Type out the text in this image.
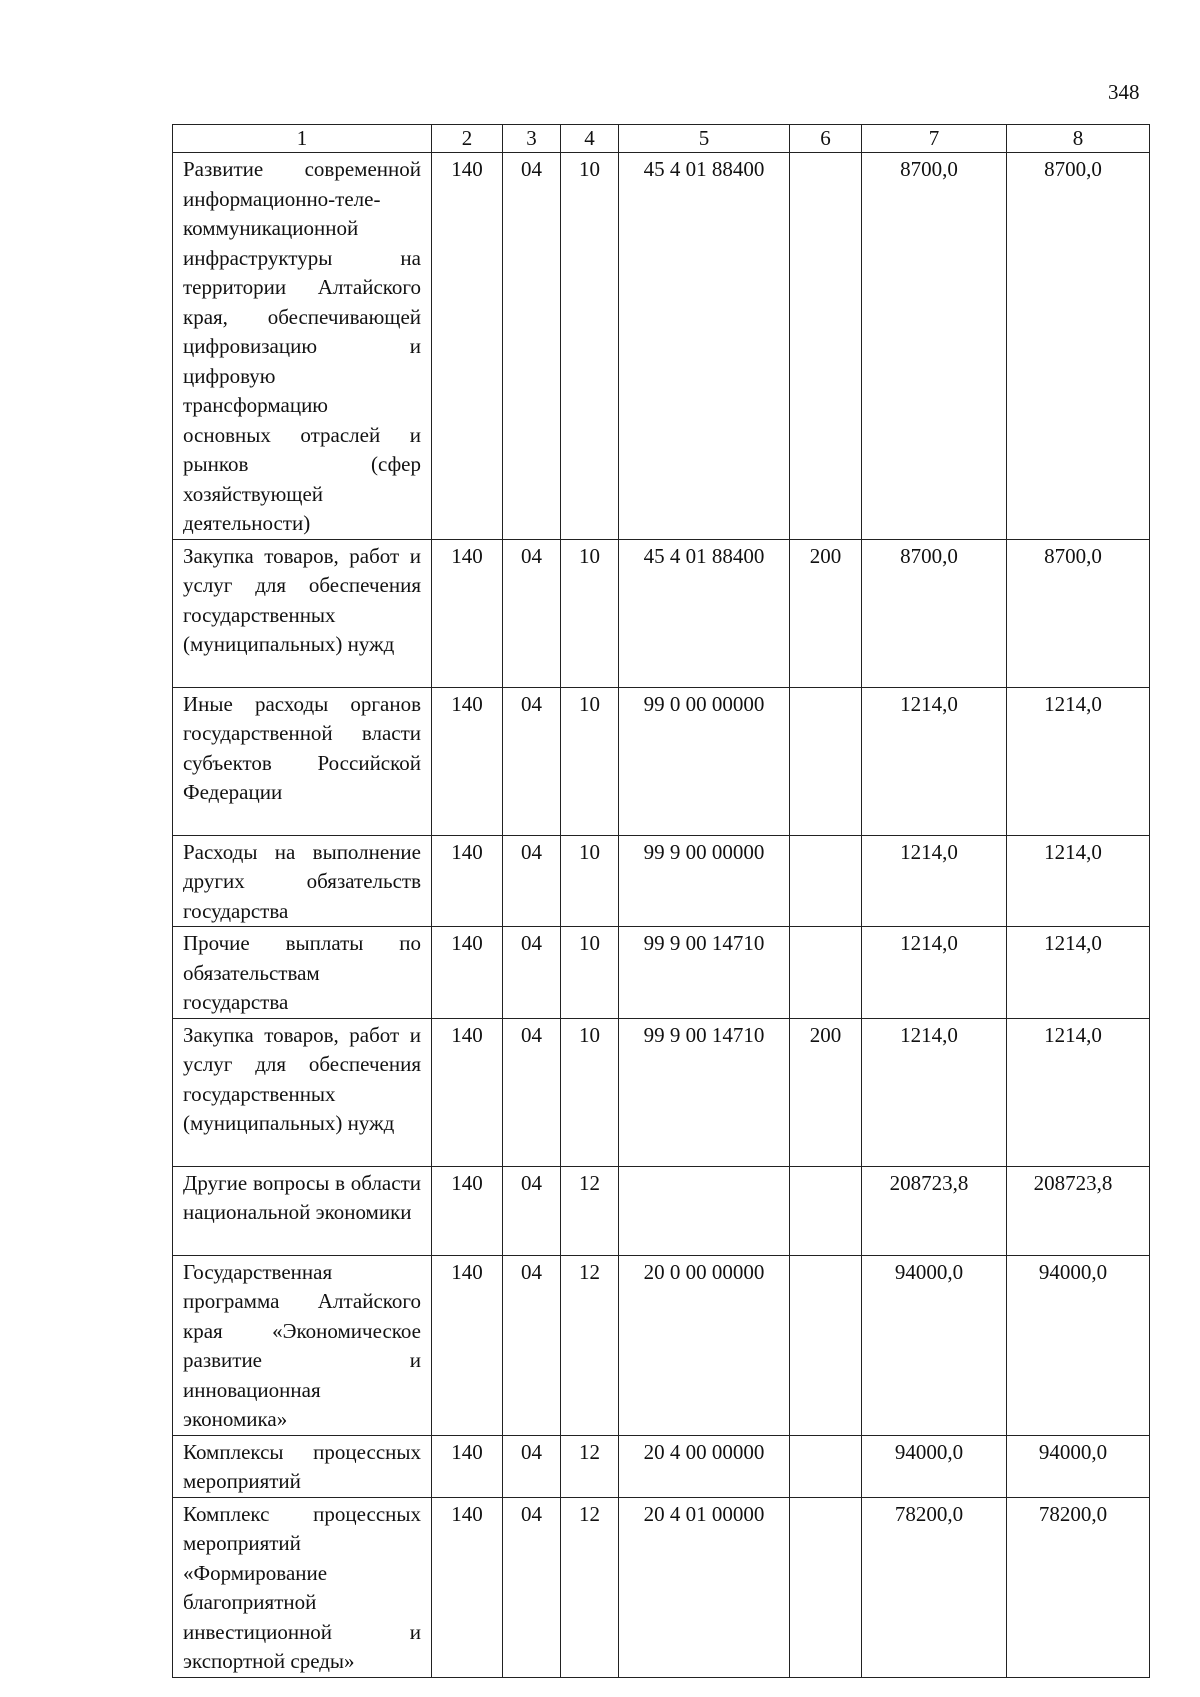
348
1	2	3	4	5	6	7	8
Развитие современной информационно-теле-коммуникационной инфраструктуры на территории Алтайского края, обеспечивающей цифровизацию и цифровую трансформацию основных отраслей и рынков (сфер хозяйствующей деятельности)	140	04	10	45 4 01 88400		8700,0	8700,0
Закупка товаров, работ и услуг для обеспечения государственных (муниципальных) нужд	140	04	10	45 4 01 88400	200	8700,0	8700,0
Иные расходы органов государственной власти субъектов Российской Федерации	140	04	10	99 0 00 00000		1214,0	1214,0
Расходы на выполнение других обязательств государства	140	04	10	99 9 00 00000		1214,0	1214,0
Прочие выплаты по обязательствам государства	140	04	10	99 9 00 14710		1214,0	1214,0
Закупка товаров, работ и услуг для обеспечения государственных (муниципальных) нужд	140	04	10	99 9 00 14710	200	1214,0	1214,0
Другие вопросы в области национальной экономики	140	04	12			208723,8	208723,8
Государственная программа Алтайского края «Экономическое развитие и инновационная экономика»	140	04	12	20 0 00 00000		94000,0	94000,0
Комплексы процессных мероприятий	140	04	12	20 4 00 00000		94000,0	94000,0
Комплекс процессных мероприятий «Формирование благоприятной инвестиционной и экспортной среды»	140	04	12	20 4 01 00000		78200,0	78200,0
